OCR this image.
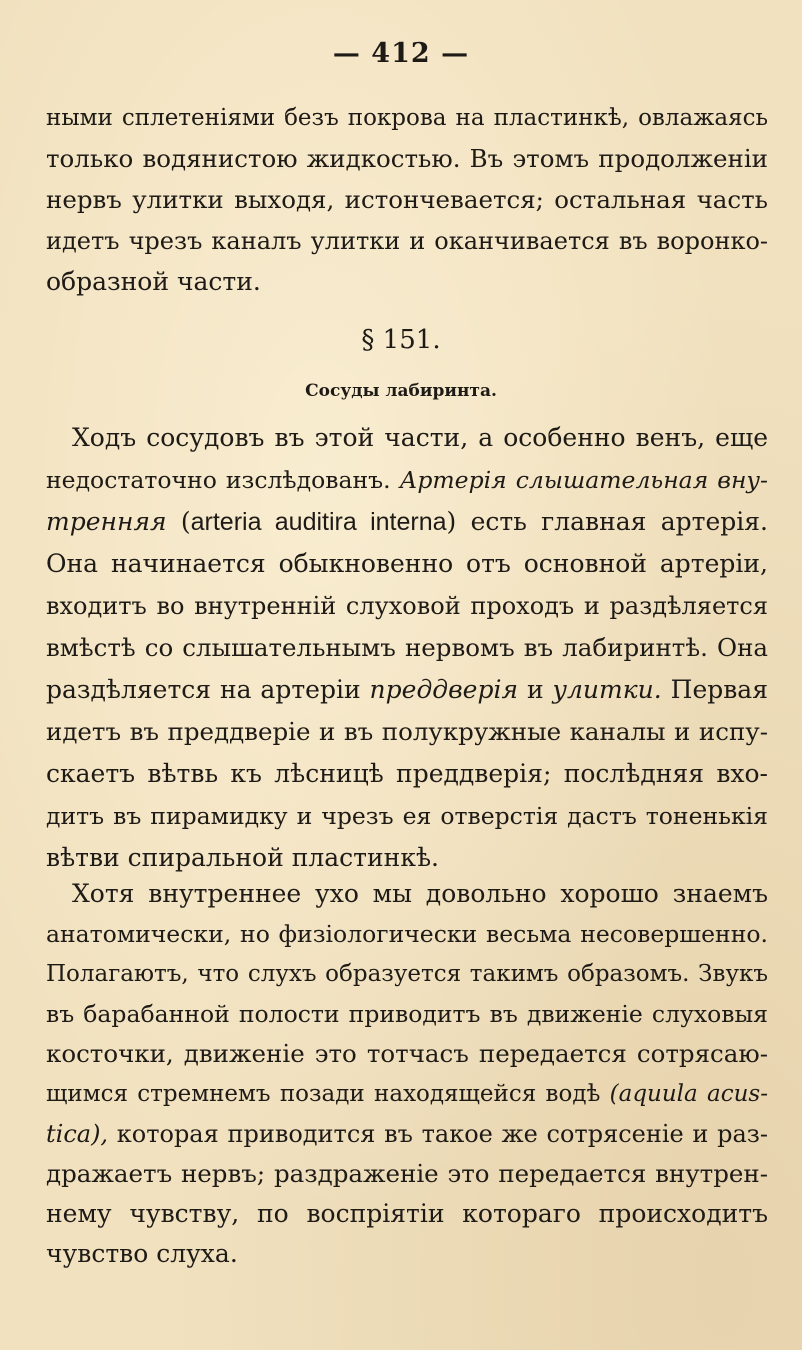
— 412 —
ными сплетеніями безъ покрова на пластинкѣ, овлажаясь
только водянистою жидкостью. Въ этомъ продолженіи
нервъ улитки выходя, истончевается; остальная часть
идетъ чрезъ каналъ улитки и оканчивается въ воронко-
образной части.
§ 151.
Сосуды лабиринта.
Ходъ сосудовъ въ этой части, а особенно венъ, еще
недостаточно изслѣдованъ. Артерія слышательная вну-
тренняя (arteria auditira interna) есть главная артерія.
Она начинается обыкновенно отъ основной артеріи,
входитъ во внутренній слуховой проходъ и раздѣляется
вмѣстѣ со слышательнымъ нервомъ въ лабиринтѣ. Она
раздѣляется на артеріи преддверія и улитки. Первая
идетъ въ преддверіе и въ полукружные каналы и испу-
скаетъ вѣтвь къ лѣсницѣ преддверія; послѣдняя вхо-
дитъ въ пирамидку и чрезъ ея отверстія дастъ тоненькія
вѣтви спиральной пластинкѣ.
Хотя внутреннее ухо мы довольно хорошо знаемъ
анатомически, но физіологически весьма несовершенно.
Полагаютъ, что слухъ образуется такимъ образомъ. Звукъ
въ барабанной полости приводитъ въ движеніе слуховыя
косточки, движеніе это тотчасъ передается сотрясаю-
щимся стремнемъ позади находящейся водѣ (aquula acus-
tica), которая приводится въ такое же сотрясеніе и раз-
дражаетъ нервъ; раздраженіе это передается внутрен-
нему чувству, по воспріятіи котораго происходитъ
чувство слуха.
